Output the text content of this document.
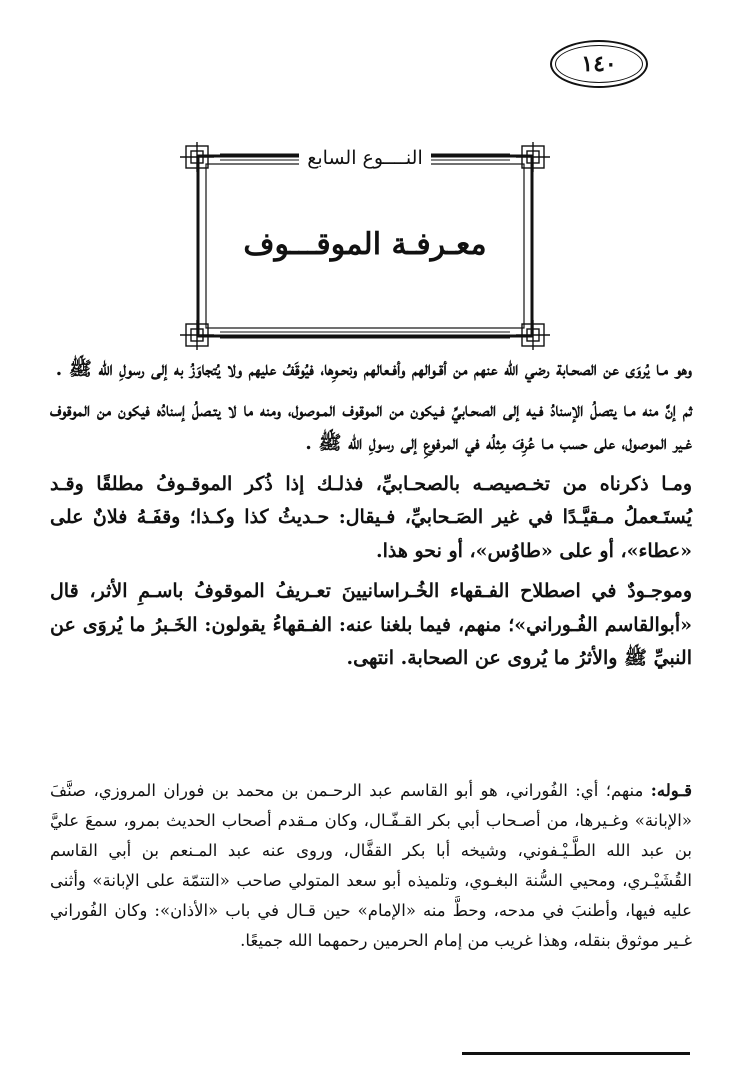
١٤٠
النــــوع السابع
معـرفـة الموقـــوف

وهو مـا يُروَى عن الصحـابة رضي الله عنهم من أقـوالهم وأفـعالهم ونحـوِها، فيُوقَفُ عليهم ولا يُتجاوَزُ به إلى رسولِ الله ﷺ .

ثم إنَّ منه مـا يتصلُ الإسنادُ فـيه إلى الصحـابيِّ فـيكون من الموقوف المـوصول، ومنه ما لا يتـصلُ إسنادُه فيكون من الموقوف غـير الموصول، على حسب مـا عُرِفَ مِثلُه في المرفوعِ إلى رسولِ الله ﷺ .

ومـا ذكرناه من تخـصيصـه بالصحـابيِّ، فذلـك إذا ذُكر الموقـوفُ مطلقًا وقـد يُستَـعملُ مـقيَّـدًا في غير الصَـحابيِّ، فـيقال: حـديثُ كذا وكـذا؛ وقفَـهُ فلانٌ على «عطاء»، أو على «طاوُس»، أو نحو هذا.

وموجـودٌ في اصطلاح الفـقهاء الخُـراسانيينَ تعـريفُ الموقوفُ باسـمِ الأثر، قال «أبوالقاسم الفُـوراني»؛ منهم، فيما بلغنا عنه: الفـقهاءُ يقولون: الخَـبرُ ما يُروَى عن النبيِّ ﷺ والأثرُ ما يُروى عن الصحابة. انتهى.

قـوله: منهم؛ أي: الفُوراني، هو أبو القاسم عبد الرحـمن بن محمد بن فوران المروزي، صنَّفَ «الإبانة» وغـيرها، من أصـحاب أبي بكر القـفّـال، وكان مـقدم أصحاب الحديث بمرو، سمعَ عليَّ بن عبد الله الطَّـيْـفوني، وشيخه أبا بكر القفَّال، وروى عنه عبد المـنعم بن أبي القاسم القُشَيْـري، ومحيي السُّنة البغـوي، وتلميذه أبو سعد المتولي صاحب «التتمّة على الإبانة» وأثنى عليه فيها، وأطنبَ في مدحه، وحطَّ منه «الإمام» حين قـال في باب «الأذان»: وكان الفُوراني غـير موثوق بنقله، وهذا غريب من إمام الحرمين رحمهما الله جميعًا.
